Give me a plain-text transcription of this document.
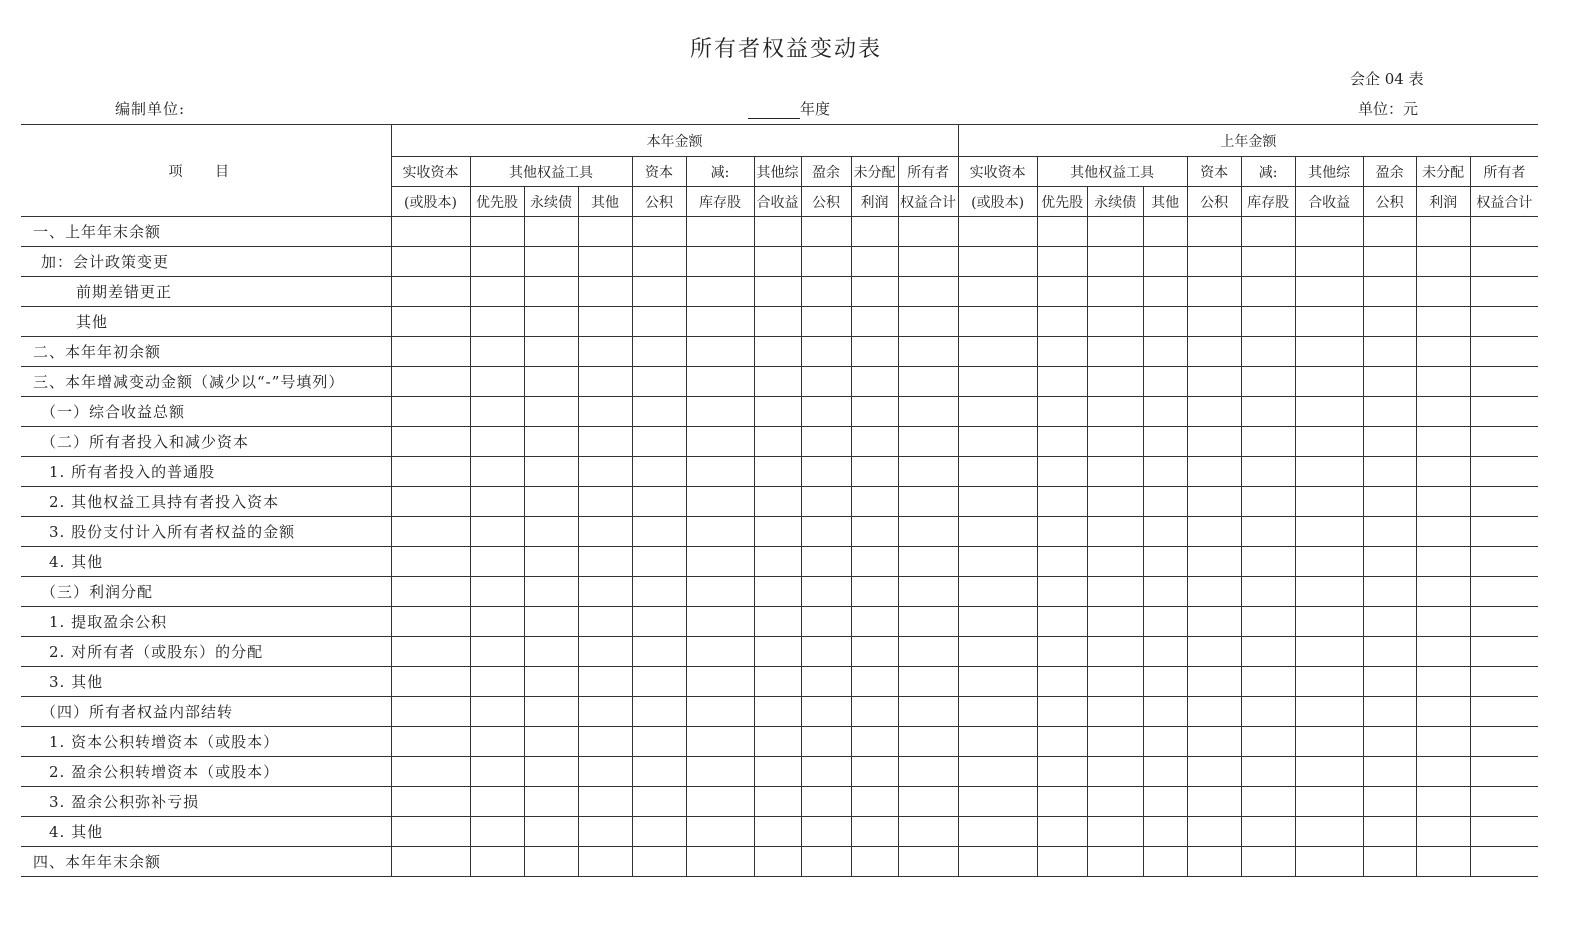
所有者权益变动表
会企 04 表
编制单位:	年度	单位：元
项 目	本年金额										上年金额									
	实收资本	其他权益工具			资本	减:	其他综	盈余	未分配	所有者	实收资本	其他权益工具			资本	减:	其他综	盈余	未分配	所有者
	(或股本)	优先股	永续债	其他	公积	库存股	合收益	公积	利润	权益合计	(或股本)	优先股	永续债	其他	公积	库存股	合收益	公积	利润	权益合计
一、上年年末余额																				
加：会计政策变更																				
前期差错更正																				
其他																				
二、本年年初余额																				
三、本年增减变动金额（减少以“-”号填列）																				
（一）综合收益总额																				
（二）所有者投入和减少资本																				
1. 所有者投入的普通股																				
2. 其他权益工具持有者投入资本																				
3. 股份支付计入所有者权益的金额																				
4. 其他																				
（三）利润分配																				
1. 提取盈余公积																				
2. 对所有者（或股东）的分配																				
3. 其他																				
（四）所有者权益内部结转																				
1. 资本公积转增资本（或股本）																				
2. 盈余公积转增资本（或股本）																				
3. 盈余公积弥补亏损																				
4. 其他																				
四、本年年末余额																				
